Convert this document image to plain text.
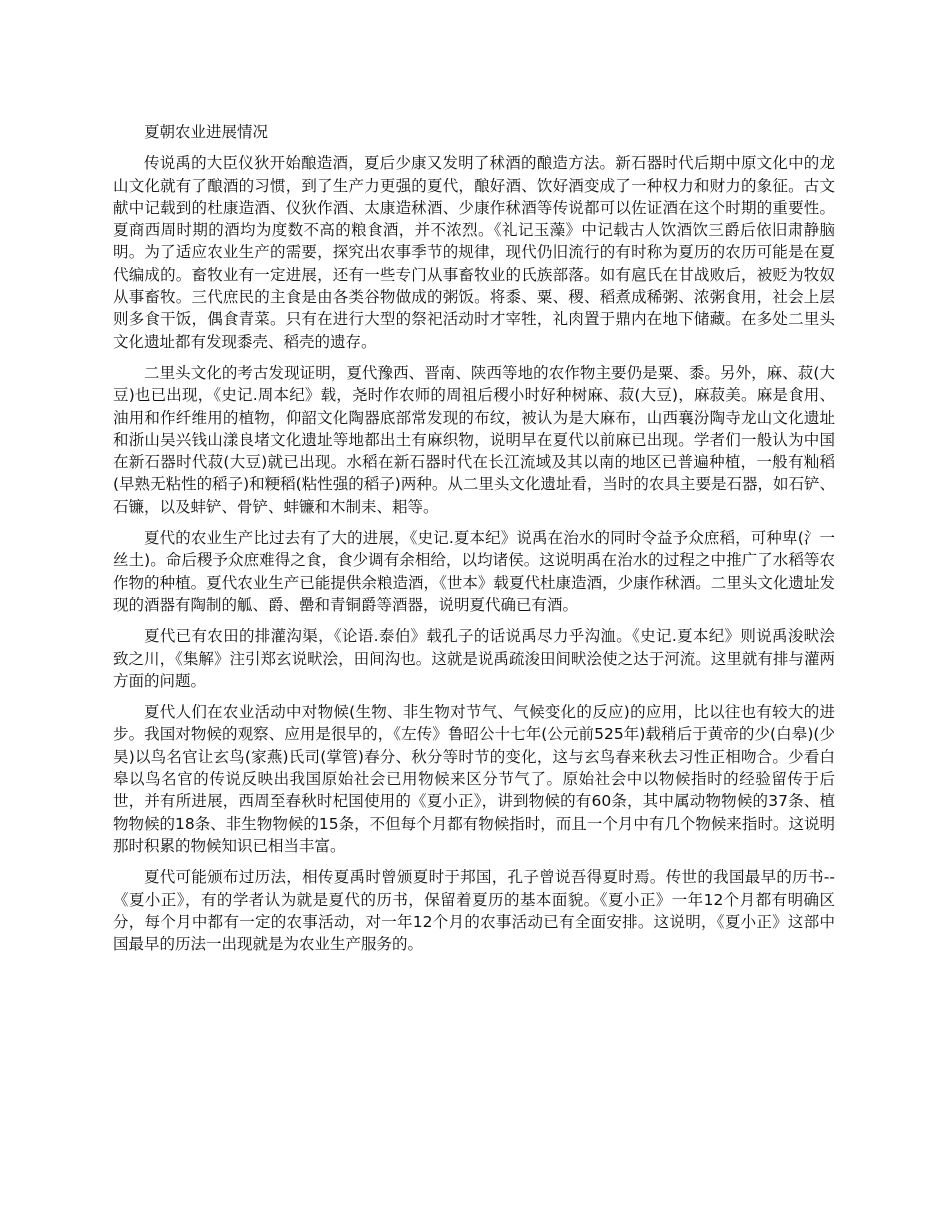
夏朝农业进展情况

传说禹的大臣仪狄开始酿造酒，夏后少康又发明了秫酒的酿造方法。新石器时代后期中原文化中的龙山文化就有了酿酒的习惯，到了生产力更强的夏代，酿好酒、饮好酒变成了一种权力和财力的象征。古文献中记载到的杜康造酒、仪狄作酒、太康造秫酒、少康作秫酒等传说都可以佐证酒在这个时期的重要性。夏商西周时期的酒均为度数不高的粮食酒，并不浓烈。《礼记玉藻》中记载古人饮酒饮三爵后依旧肃静脑明。为了适应农业生产的需要，探究出农事季节的规律，现代仍旧流行的有时称为夏历的农历可能是在夏代编成的。畜牧业有一定进展，还有一些专门从事畜牧业的氏族部落。如有扈氏在甘战败后，被贬为牧奴从事畜牧。三代庶民的主食是由各类谷物做成的粥饭。将黍、粟、稷、稻煮成稀粥、浓粥食用，社会上层则多食干饭，偶食青菜。只有在进行大型的祭祀活动时才宰牲，礼肉置于鼎内在地下储藏。在多处二里头文化遗址都有发现黍壳、稻壳的遗存。

二里头文化的考古发现证明，夏代豫西、晋南、陕西等地的农作物主要仍是粟、黍。另外，麻、菽(大豆)也已出现，《史记.周本纪》载，尧时作农师的周祖后稷小时好种树麻、菽(大豆)，麻菽美。麻是食用、油用和作纤维用的植物，仰韶文化陶器底部常发现的布纹，被认为是大麻布，山西襄汾陶寺龙山文化遗址和浙山吴兴钱山漾良堵文化遗址等地都出土有麻织物，说明早在夏代以前麻已出现。学者们一般认为中国在新石器时代菽(大豆)就已出现。水稻在新石器时代在长江流域及其以南的地区已普遍种植，一般有籼稻(早熟无粘性的稻子)和粳稻(粘性强的稻子)两种。从二里头文化遗址看，当时的农具主要是石器，如石铲、石镰，以及蚌铲、骨铲、蚌镰和木制耒、耜等。

夏代的农业生产比过去有了大的进展，《史记.夏本纪》说禹在治水的同时令益予众庶稻，可种卑(氵一丝土)。命后稷予众庶难得之食，食少调有余相给，以均诸侯。这说明禹在治水的过程之中推广了水稻等农作物的种植。夏代农业生产已能提供余粮造酒，《世本》载夏代杜康造酒，少康作秫酒。二里头文化遗址发现的酒器有陶制的觚、爵、罍和青铜爵等酒器，说明夏代确已有酒。

夏代已有农田的排灌沟渠，《论语.泰伯》载孔子的话说禹尽力乎沟洫。《史记.夏本纪》则说禹浚畎浍致之川，《集解》注引郑玄说畎浍，田间沟也。这就是说禹疏浚田间畎浍使之达于河流。这里就有排与灌两方面的问题。

夏代人们在农业活动中对物候(生物、非生物对节气、气候变化的反应)的应用，比以往也有较大的进步。我国对物候的观察、应用是很早的，《左传》鲁昭公十七年(公元前525年)载稍后于黄帝的少(白皋)(少昊)以鸟名官让玄鸟(家燕)氏司(掌管)春分、秋分等时节的变化，这与玄鸟春来秋去习性正相吻合。少看白皋以鸟名官的传说反映出我国原始社会已用物候来区分节气了。原始社会中以物候指时的经验留传于后世，并有所进展，西周至春秋时杞国使用的《夏小正》，讲到物候的有60条，其中属动物物候的37条、植物物候的18条、非生物物候的15条，不但每个月都有物候指时，而且一个月中有几个物候来指时。这说明那时积累的物候知识已相当丰富。

夏代可能颁布过历法，相传夏禹时曾颁夏时于邦国，孔子曾说吾得夏时焉。传世的我国最早的历书--《夏小正》，有的学者认为就是夏代的历书，保留着夏历的基本面貌。《夏小正》一年12个月都有明确区分，每个月中都有一定的农事活动，对一年12个月的农事活动已有全面安排。这说明，《夏小正》这部中国最早的历法一出现就是为农业生产服务的。
